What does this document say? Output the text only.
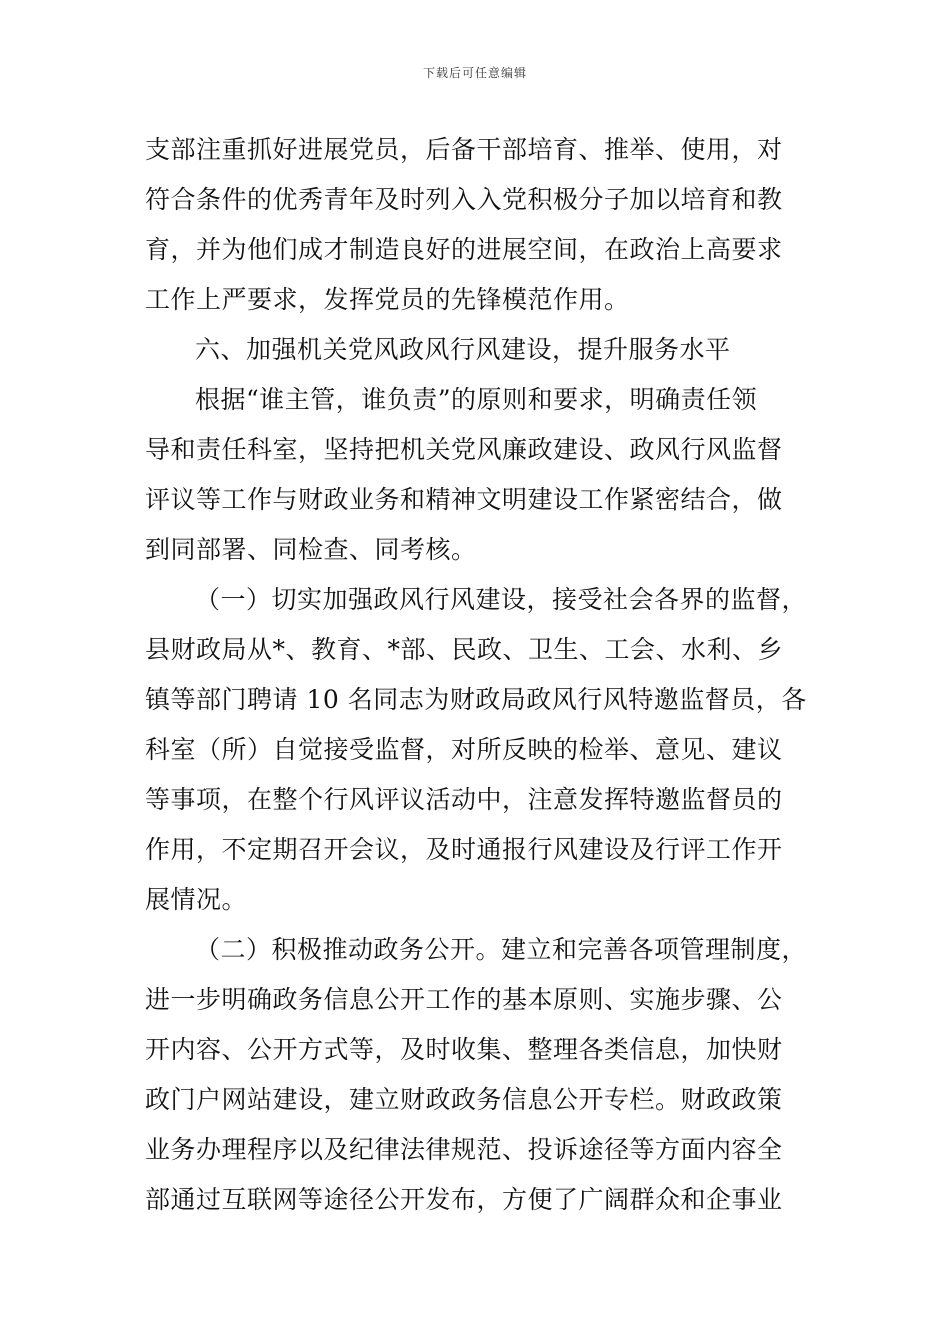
下载后可任意编辑
支部注重抓好进展党员，后备干部培育、推举、使用，对
符合条件的优秀青年及时列入入党积极分子加以培育和教
育，并为他们成才制造良好的进展空间，在政治上高要求
工作上严要求，发挥党员的先锋模范作用。
六、加强机关党风政风行风建设，提升服务水平
根据“谁主管，谁负责”的原则和要求，明确责任领
导和责任科室，坚持把机关党风廉政建设、政风行风监督
评议等工作与财政业务和精神文明建设工作紧密结合，做
到同部署、同检查、同考核。
（一）切实加强政风行风建设，接受社会各界的监督，
县财政局从*、教育、*部、民政、卫生、工会、水利、乡
镇等部门聘请 10 名同志为财政局政风行风特邀监督员，各
科室（所）自觉接受监督，对所反映的检举、意见、建议
等事项，在整个行风评议活动中，注意发挥特邀监督员的
作用，不定期召开会议，及时通报行风建设及行评工作开
展情况。
（二）积极推动政务公开。建立和完善各项管理制度，
进一步明确政务信息公开工作的基本原则、实施步骤、公
开内容、公开方式等，及时收集、整理各类信息，加快财
政门户网站建设，建立财政政务信息公开专栏。财政政策
业务办理程序以及纪律法律规范、投诉途径等方面内容全
部通过互联网等途径公开发布，方便了广阔群众和企事业
